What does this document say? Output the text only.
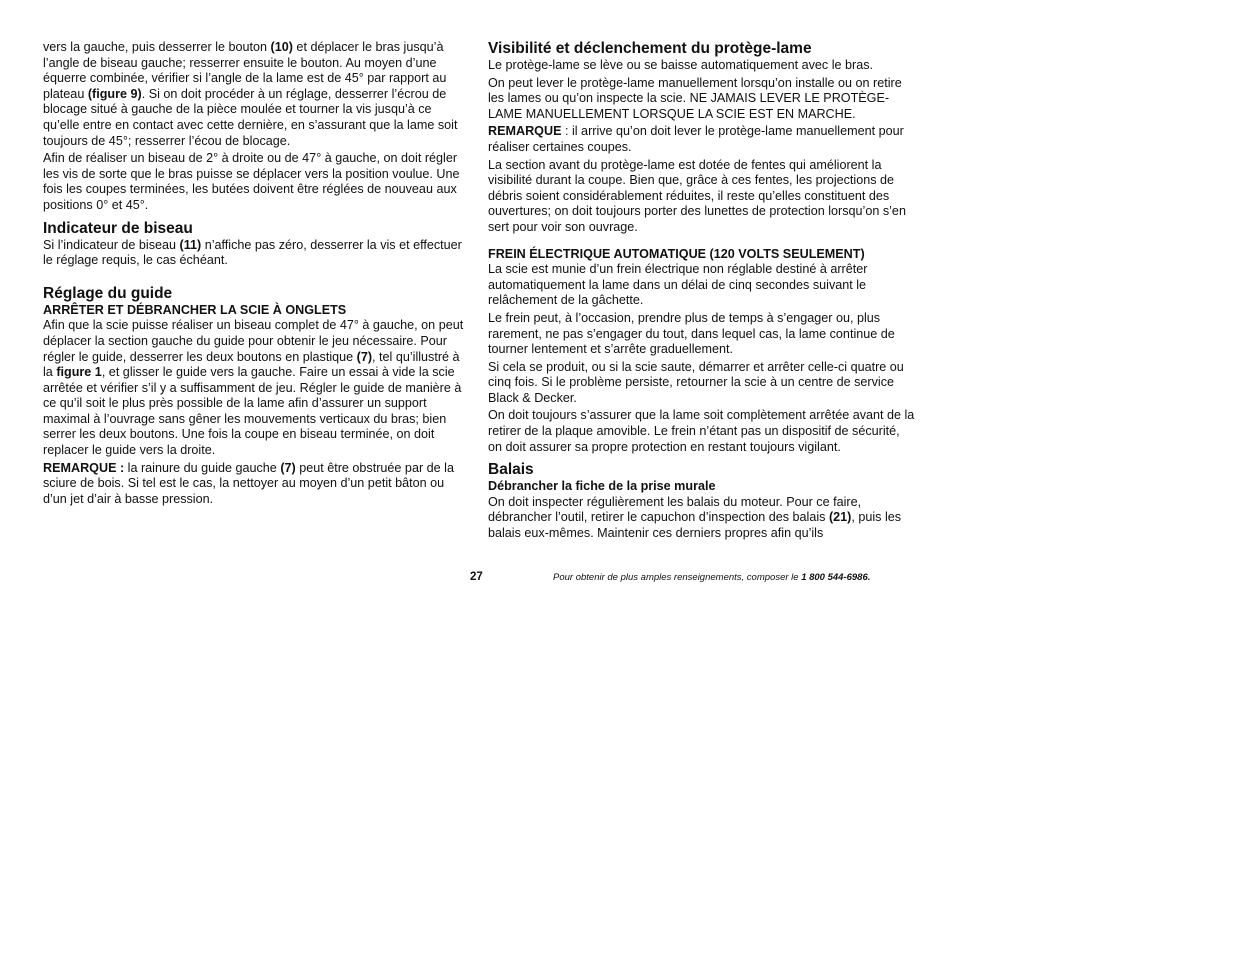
vers la gauche, puis desserrer le bouton (10) et déplacer le bras jusqu’à l’angle de biseau gauche; resserrer ensuite le bouton. Au moyen d’une équerre combinée, vérifier si l’angle de la lame est de 45° par rapport au plateau (figure 9). Si on doit procéder à un réglage, desserrer l’écrou de blocage situé à gauche de la pièce moulée et tourner la vis jusqu’à ce qu’elle entre en contact avec cette dernière, en s’assurant que la lame soit toujours de 45°; resserrer l’écou de blocage.

Afin de réaliser un biseau de 2° à droite ou de 47° à gauche, on doit régler les vis de sorte que le bras puisse se déplacer vers la position voulue. Une fois les coupes terminées, les butées doivent être réglées de nouveau aux positions 0° et 45°.

Indicateur de biseau

Si l’indicateur de biseau (11) n’affiche pas zéro, desserrer la vis et effectuer le réglage requis, le cas échéant.

Réglage du guide
ARRÊTER ET DÉBRANCHER LA SCIE À ONGLETS

Afin que la scie puisse réaliser un biseau complet de 47° à gauche, on peut déplacer la section gauche du guide pour obtenir le jeu nécessaire. Pour régler le guide, desserrer les deux boutons en plastique (7), tel qu’illustré à la figure 1, et glisser le guide vers la gauche. Faire un essai à vide la scie arrêtée et vérifier s’il y a suffisamment de jeu. Régler le guide de manière à ce qu’il soit le plus près possible de la lame afin d’assurer un support maximal à l’ouvrage sans gêner les mouvements verticaux du bras; bien serrer les deux boutons. Une fois la coupe en biseau terminée, on doit replacer le guide vers la droite.

REMARQUE : la rainure du guide gauche (7) peut être obstruée par de la sciure de bois. Si tel est le cas, la nettoyer au moyen d’un petit bâton ou d’un jet d’air à basse pression.

Visibilité et déclenchement du protège-lame

Le protège-lame se lève ou se baisse automatiquement avec le bras.

On peut lever le protège-lame manuellement lorsqu’on installe ou on retire les lames ou qu’on inspecte la scie. NE JAMAIS LEVER LE PROTÈGE-LAME MANUELLEMENT LORSQUE LA SCIE EST EN MARCHE.

REMARQUE : il arrive qu’on doit lever le protège-lame manuellement pour réaliser certaines coupes.

La section avant du protège-lame est dotée de fentes qui améliorent la visibilité durant la coupe. Bien que, grâce à ces fentes, les projections de débris soient considérablement réduites, il reste qu’elles constituent des ouvertures; on doit toujours porter des lunettes de protection lorsqu’on s’en sert pour voir son ouvrage.

FREIN ÉLECTRIQUE AUTOMATIQUE (120 VOLTS SEULEMENT)

La scie est munie d’un frein électrique non réglable destiné à arrêter automatiquement la lame dans un délai de cinq secondes suivant le relâchement de la gâchette.

Le frein peut, à l’occasion, prendre plus de temps à s’engager ou, plus rarement, ne pas s’engager du tout, dans lequel cas, la lame continue de tourner lentement et s’arrête graduellement.

Si cela se produit, ou si la scie saute, démarrer et arrêter celle-ci quatre ou cinq fois. Si le problème persiste, retourner la scie à un centre de service Black & Decker.

On doit toujours s’assurer que la lame soit complètement arrêtée avant de la retirer de la plaque amovible. Le frein n’étant pas un dispositif de sécurité, on doit assurer sa propre protection en restant toujours vigilant.

Balais
Débrancher la fiche de la prise murale

On doit inspecter régulièrement les balais du moteur. Pour ce faire, débrancher l’outil, retirer le capuchon d’inspection des balais (21), puis les balais eux-mêmes. Maintenir ces derniers propres afin qu’ils

27	Pour obtenir de plus amples renseignements, composer le 1 800 544-6986.
